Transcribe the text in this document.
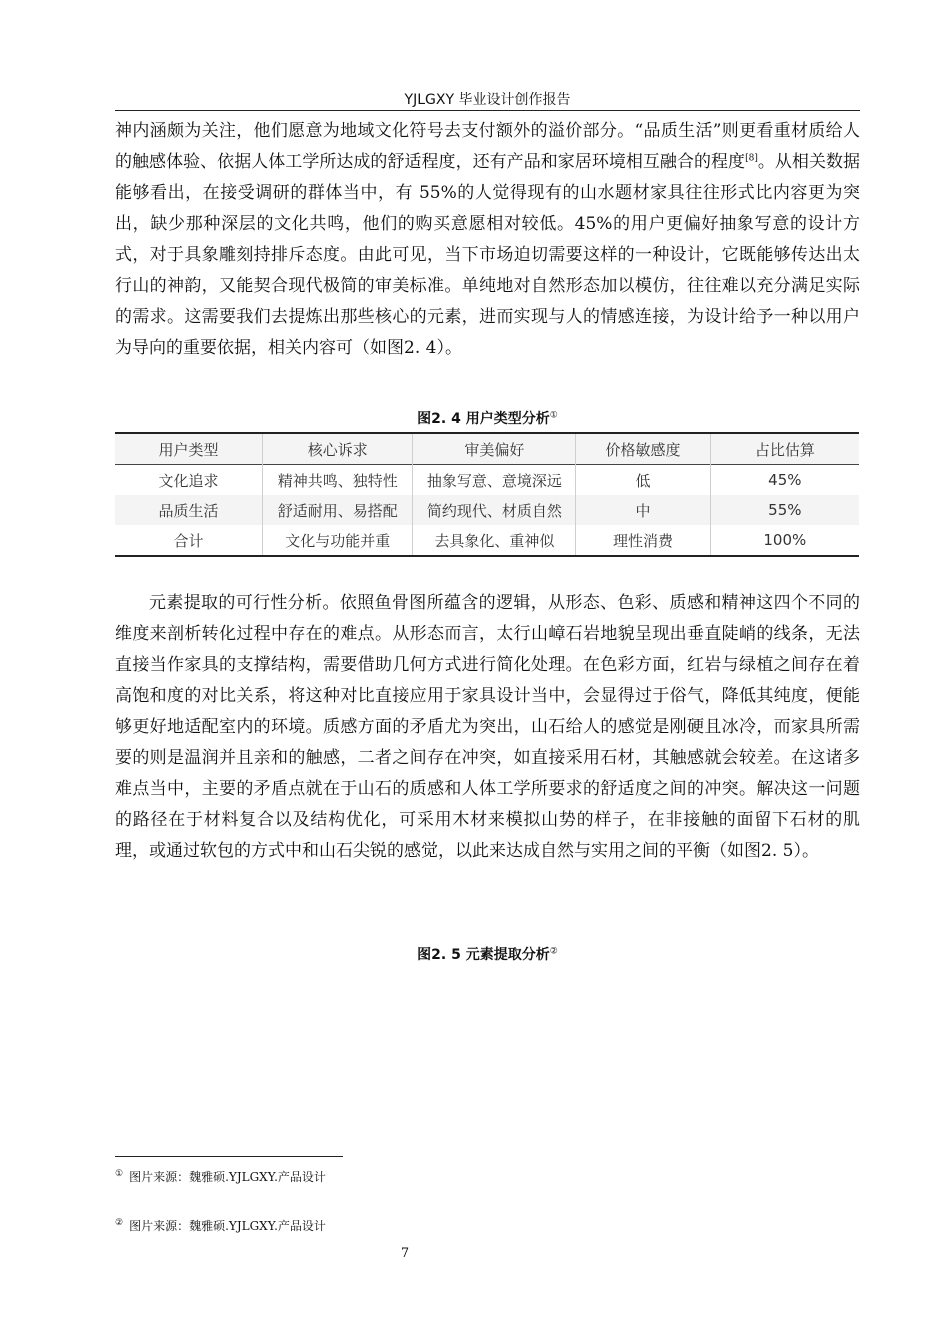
YJLGXY 毕业设计创作报告

神内涵颇为关注，他们愿意为地域文化符号去支付额外的溢价部分。“品质生活”则更看重材质给人的触感体验、依据人体工学所达成的舒适程度，还有产品和家居环境相互融合的程度[8]。从相关数据能够看出，在接受调研的群体当中，有 55%的人觉得现有的山水题材家具往往形式比内容更为突出，缺少那种深层的文化共鸣，他们的购买意愿相对较低。45%的用户更偏好抽象写意的设计方式，对于具象雕刻持排斥态度。由此可见，当下市场迫切需要这样的一种设计，它既能够传达出太行山的神韵，又能契合现代极简的审美标准。单纯地对自然形态加以模仿，往往难以充分满足实际的需求。这需要我们去提炼出那些核心的元素，进而实现与人的情感连接，为设计给予一种以用户为导向的重要依据，相关内容可（如图2. 4）。

图2. 4 用户类型分析①
用户类型	核心诉求	审美偏好	价格敏感度	占比估算
文化追求	精神共鸣、独特性	抽象写意、意境深远	低	45%
品质生活	舒适耐用、易搭配	简约现代、材质自然	中	55%
合计	文化与功能并重	去具象化、重神似	理性消费	100%

元素提取的可行性分析。依照鱼骨图所蕴含的逻辑，从形态、色彩、质感和精神这四个不同的维度来剖析转化过程中存在的难点。从形态而言，太行山嶂石岩地貌呈现出垂直陡峭的线条，无法直接当作家具的支撑结构，需要借助几何方式进行简化处理。在色彩方面，红岩与绿植之间存在着高饱和度的对比关系，将这种对比直接应用于家具设计当中，会显得过于俗气，降低其纯度，便能够更好地适配室内的环境。质感方面的矛盾尤为突出，山石给人的感觉是刚硬且冰冷，而家具所需要的则是温润并且亲和的触感，二者之间存在冲突，如直接采用石材，其触感就会较差。在这诸多难点当中，主要的矛盾点就在于山石的质感和人体工学所要求的舒适度之间的冲突。解决这一问题的路径在于材料复合以及结构优化，可采用木材来模拟山势的样子，在非接触的面留下石材的肌理，或通过软包的方式中和山石尖锐的感觉，以此来达成自然与实用之间的平衡（如图2. 5）。

图2. 5 元素提取分析②
① 图片来源：魏雅硕.YJLGXY.产品设计
② 图片来源：魏雅硕.YJLGXY.产品设计
7
